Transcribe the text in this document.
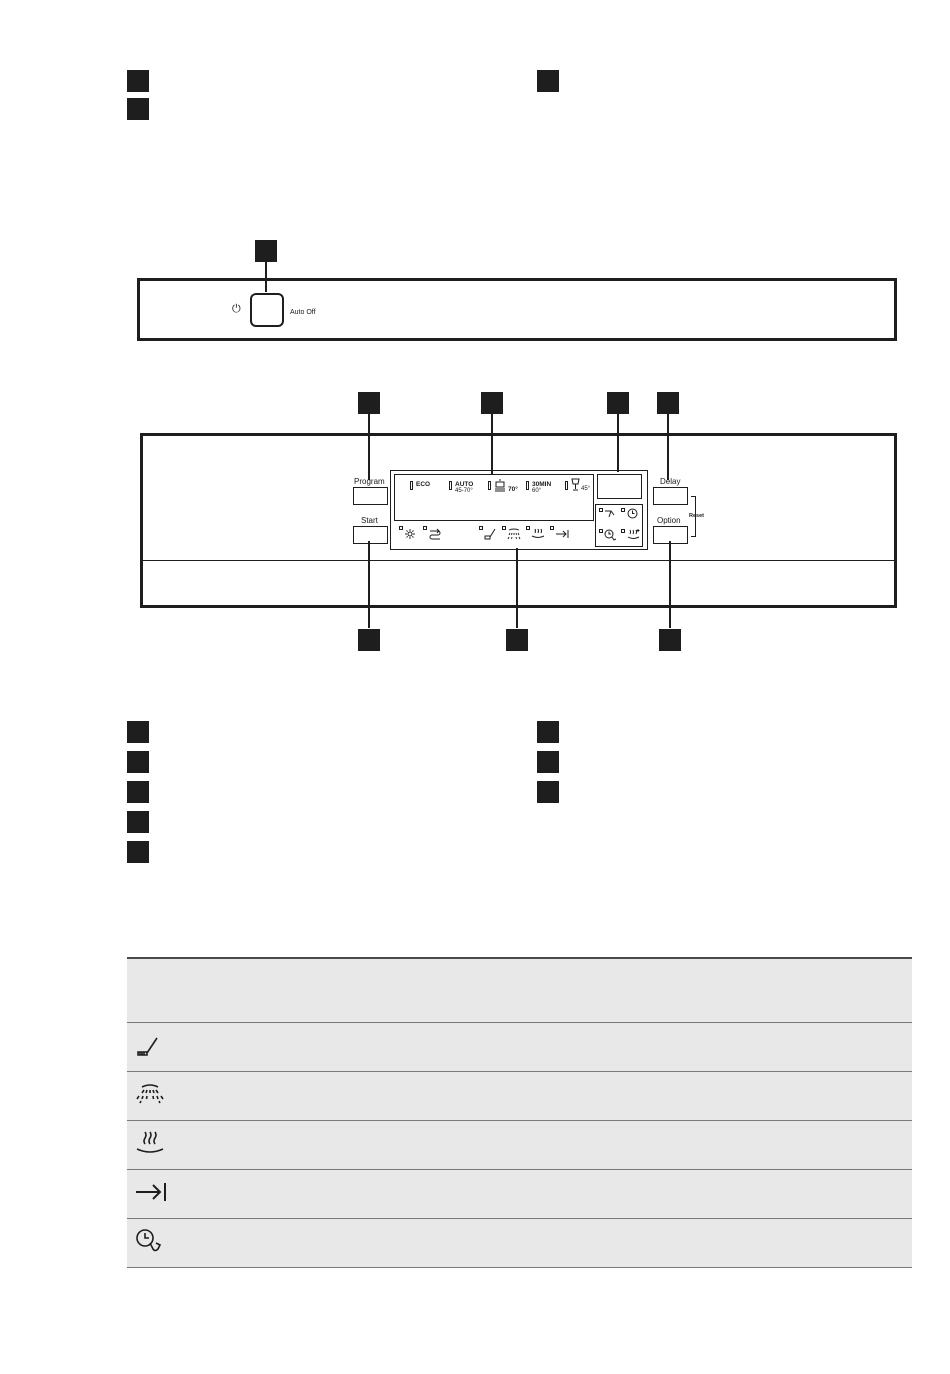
⏻	Auto Off
Program
Start
ECO	AUTO
45-70°	70°
30MIN
60°	45°
Delay
Option Reset
